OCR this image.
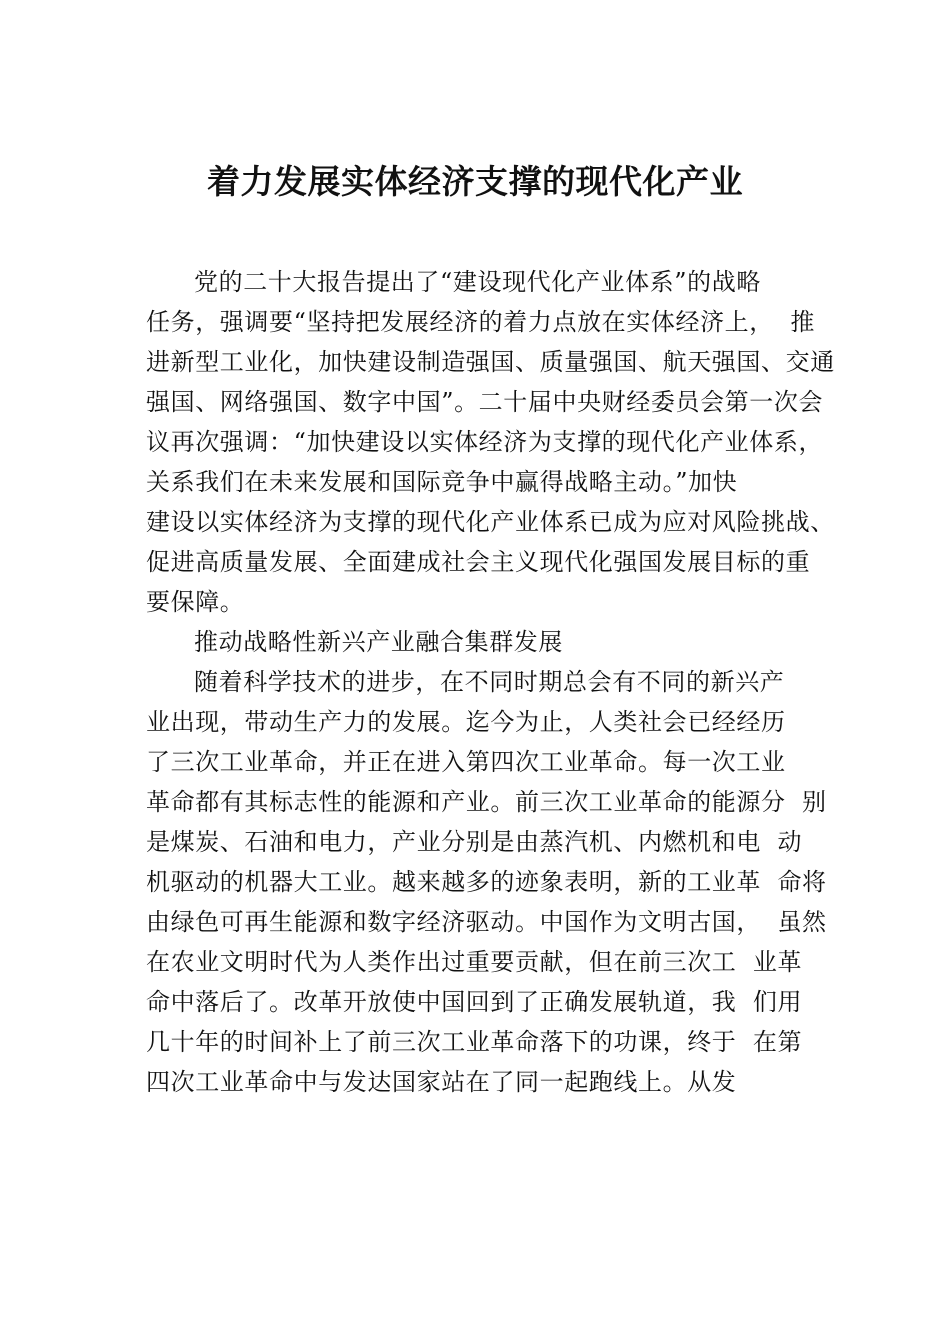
着力发展实体经济支撑的现代化产业
党的二十大报告提出了“建设现代化产业体系”的战略
任务，强调要“坚持把发展经济的着力点放在实体经济上，  推
进新型工业化，加快建设制造强国、质量强国、航天强国、交通
强国、网络强国、数字中国”。二十届中央财经委员会第一次会
议再次强调：“加快建设以实体经济为支撑的现代化产业体系，
关系我们在未来发展和国际竞争中赢得战略主动。”加快
建设以实体经济为支撑的现代化产业体系已成为应对风险挑战、
促进高质量发展、全面建成社会主义现代化强国发展目标的重
要保障。
推动战略性新兴产业融合集群发展
随着科学技术的进步，在不同时期总会有不同的新兴产
业出现，带动生产力的发展。迄今为止，人类社会已经经历
了三次工业革命，并正在进入第四次工业革命。每一次工业
革命都有其标志性的能源和产业。前三次工业革命的能源分  别
是煤炭、石油和电力，产业分别是由蒸汽机、内燃机和电  动
机驱动的机器大工业。越来越多的迹象表明，新的工业革  命将
由绿色可再生能源和数字经济驱动。中国作为文明古国，  虽然
在农业文明时代为人类作出过重要贡献，但在前三次工  业革
命中落后了。改革开放使中国回到了正确发展轨道，我  们用
几十年的时间补上了前三次工业革命落下的功课，终于  在第
四次工业革命中与发达国家站在了同一起跑线上。从发
